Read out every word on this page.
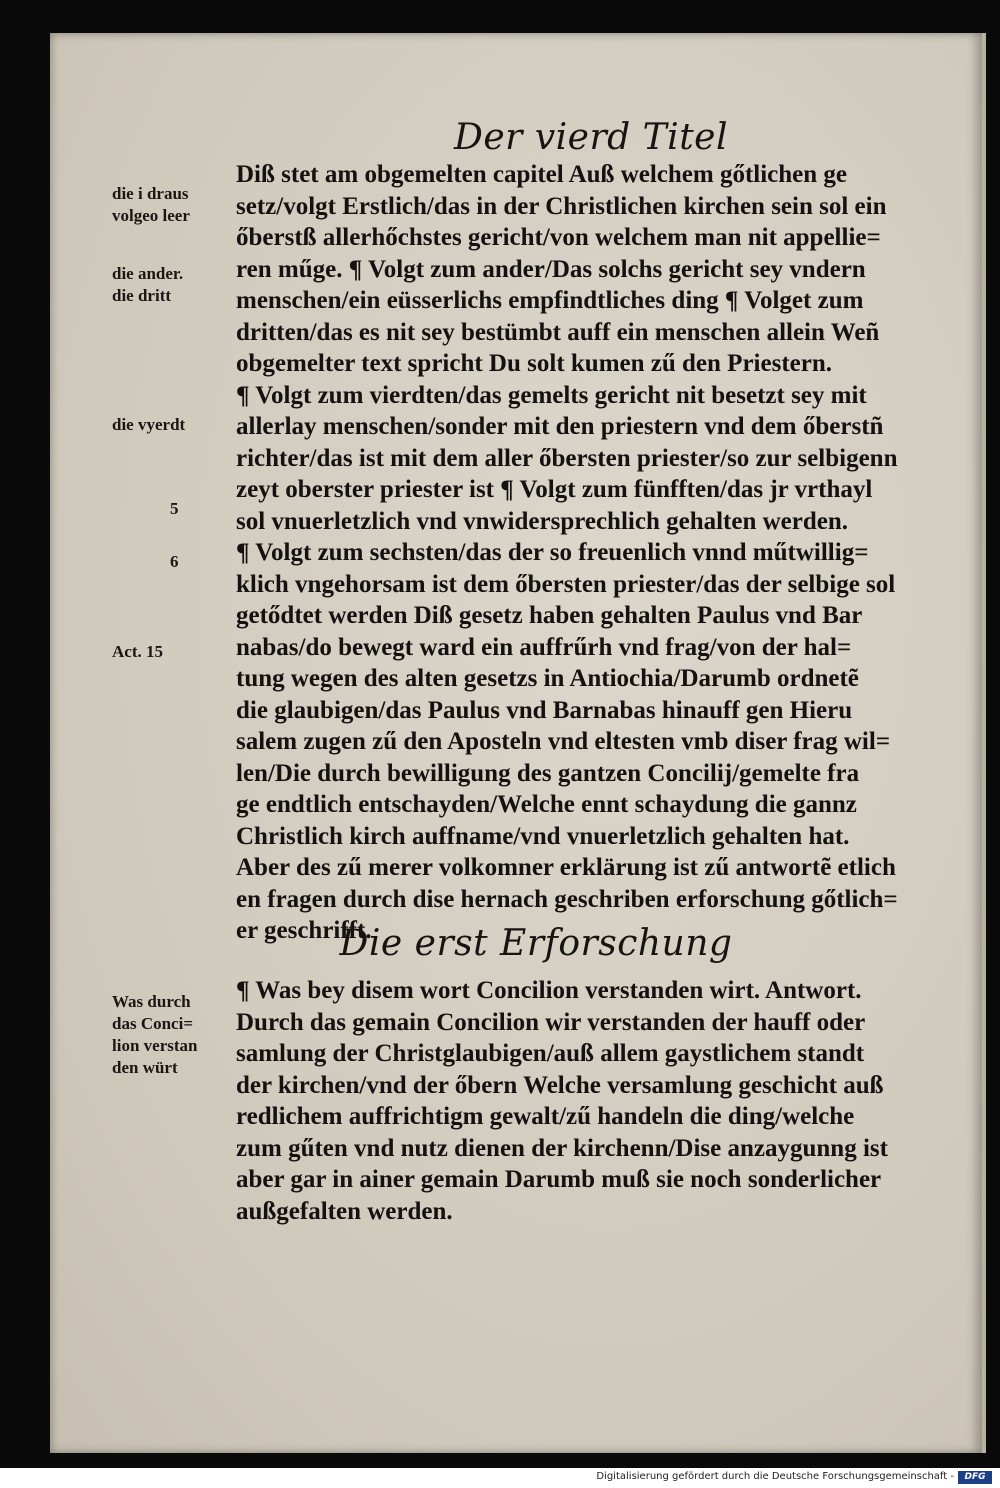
Der vierd Titel
Diß stet am obgemelten capitel Auß welchem gőtlichen ge
setz/volgt Erstlich/das in der Christlichen kirchen sein sol ein
őberstß allerhőchstes gericht/von welchem man nit appellie=
ren műge. ¶ Volgt zum ander/Das solchs gericht sey vndern
menschen/ein eüsserlichs empfindtliches ding ¶ Volget zum
dritten/das es nit sey bestümbt auff ein menschen allein Weñ
obgemelter text spricht Du solt kumen zű den Priestern.
¶ Volgt zum vierdten/das gemelts gericht nit besetzt sey mit
allerlay menschen/sonder mit den priestern vnd dem őberstñ
richter/das ist mit dem aller őbersten priester/so zur selbigenn
zeyt oberster priester ist ¶ Volgt zum fünfften/das jr vrthayl
sol vnuerletzlich vnd vnwidersprechlich gehalten werden.
¶ Volgt zum sechsten/das der so freuenlich vnnd műtwillig=
klich vngehorsam ist dem őbersten priester/das der selbige sol
getődtet werden Diß gesetz haben gehalten Paulus vnd Bar
nabas/do bewegt ward ein auffrűrh vnd frag/von der hal=
tung wegen des alten gesetzs in Antiochia/Darumb ordnetẽ
die glaubigen/das Paulus vnd Barnabas hinauff gen Hieru
salem zugen zű den Aposteln vnd eltesten vmb diser frag wil=
len/Die durch bewilligung des gantzen Concilij/gemelte fra
ge endtlich entschayden/Welche ennt schaydung die gannz
Christlich kirch auffname/vnd vnuerletzlich gehalten hat.
Aber des zű merer volkomner erklärung ist zű antwortẽ etlich
en fragen durch dise hernach geschriben erforschung gőtlich=
er geschrifft.
Die erst Erforschung
¶ Was bey disem wort Concilion verstanden wirt. Antwort.
Durch das gemain Concilion wir verstanden der hauff oder
samlung der Christglaubigen/auß allem gaystlichem standt
der kirchen/vnd der őbern Welche versamlung geschicht auß
redlichem auffrichtigm gewalt/zű handeln die ding/welche
zum gűten vnd nutz dienen der kirchenn/Dise anzaygunng ist
aber gar in ainer gemain Darumb muß sie noch sonderlicher
außgefalten werden.
die i draus
volgeo leer
die ander.
die dritt
die vyerdt
5
6
Act. 15
Was durch
das Conci=
lion verstan
den würt
Digitalisierung gefördert durch die Deutsche Forschungsgemeinschaft -	DFG
